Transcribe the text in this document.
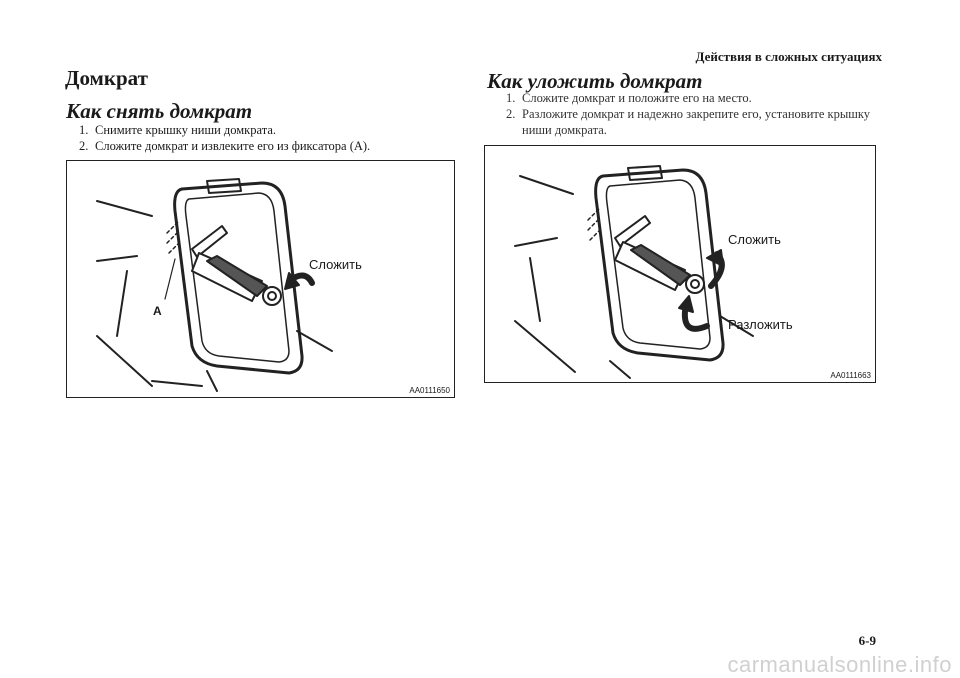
Действия в сложных ситуациях
Домкрат
Как снять домкрат
1. Снимите крышку ниши домкрата.
2. Сложите домкрат и извлеките его из фиксатора (А).
Сложить
A
AA0111650
Как уложить домкрат
1. Сложите домкрат и положите его на место.
2. Разложите домкрат и надежно закрепите его, установите крышку ниши домкрата.
Сложить
Разложить
AA0111663
6-9
carmanualsonline.info
